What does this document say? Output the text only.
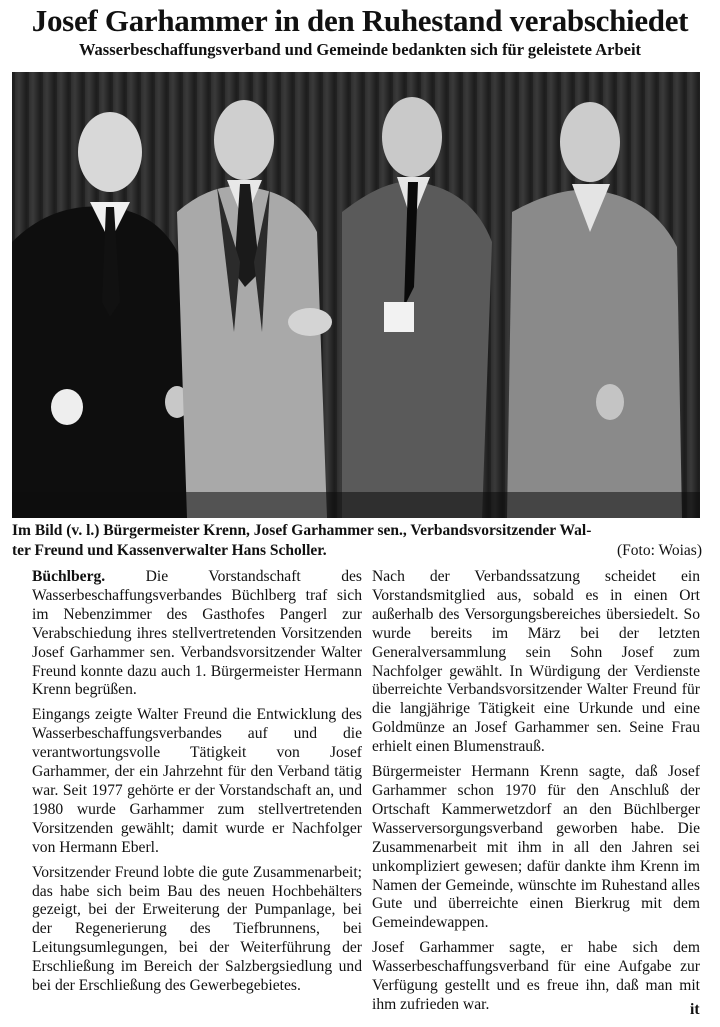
Josef Garhammer in den Ruhestand verabschiedet
Wasserbeschaffungsverband und Gemeinde bedankten sich für geleistete Arbeit
Im Bild (v. l.) Bürgermeister Krenn, Josef Garhammer sen., Verbandsvorsitzender Wal-
ter Freund und Kassenverwalter Hans Scholler.	(Foto: Woias)

Büchlberg.	Die Vorstandschaft des Wasserbeschaffungsverbandes Büchlberg traf sich im Nebenzimmer des Gasthofes Pangerl zur Verabschiedung ihres stellvertretenden Vorsitzenden Josef Garhammer sen. Verbandsvorsitzender Walter Freund konnte dazu auch 1. Bürgermeister Hermann Krenn begrüßen.

Eingangs zeigte Walter Freund die Entwicklung des Wasserbeschaffungsverbandes auf und die verantwortungsvolle Tätigkeit von Josef Garhammer, der ein Jahrzehnt für den Verband tätig war. Seit 1977 gehörte er der Vorstandschaft an, und 1980 wurde Garhammer zum stellvertretenden Vorsitzenden gewählt; damit wurde er Nachfolger von Hermann Eberl.

Vorsitzender Freund lobte die gute Zusammenarbeit; das habe sich beim Bau des neuen Hochbehälters gezeigt, bei der Erweiterung der Pumpanlage, bei der Regenerierung des Tiefbrunnens, bei Leitungsumlegungen, bei der Weiterführung der Erschließung im Bereich der Salzbergsiedlung und bei der Erschließung des Gewerbegebietes.

Nach der Verbandssatzung scheidet ein Vorstandsmitglied aus, sobald es in einen Ort außerhalb des Versorgungsbereiches übersiedelt. So wurde bereits im März bei der letzten Generalversammlung sein Sohn Josef zum Nachfolger gewählt. In Würdigung der Verdienste überreichte Verbandsvorsitzender Walter Freund für die langjährige Tätigkeit eine Urkunde und eine Goldmünze an Josef Garhammer sen. Seine Frau erhielt einen Blumenstrauß.

Bürgermeister Hermann Krenn sagte, daß Josef Garhammer schon 1970 für den Anschluß der Ortschaft Kammerwetzdorf an den Büchlberger Wasserversorgungsverband geworben habe. Die Zusammenarbeit mit ihm in all den Jahren sei unkompliziert gewesen; dafür dankte ihm Krenn im Namen der Gemeinde, wünschte im Ruhestand alles Gute und überreichte einen Bierkrug mit dem Gemeindewappen.

Josef Garhammer sagte, er habe sich dem Wasserbeschaffungsverband für eine Aufgabe zur Verfügung gestellt und es freue ihn, daß man mit ihm zufrieden war.	it
